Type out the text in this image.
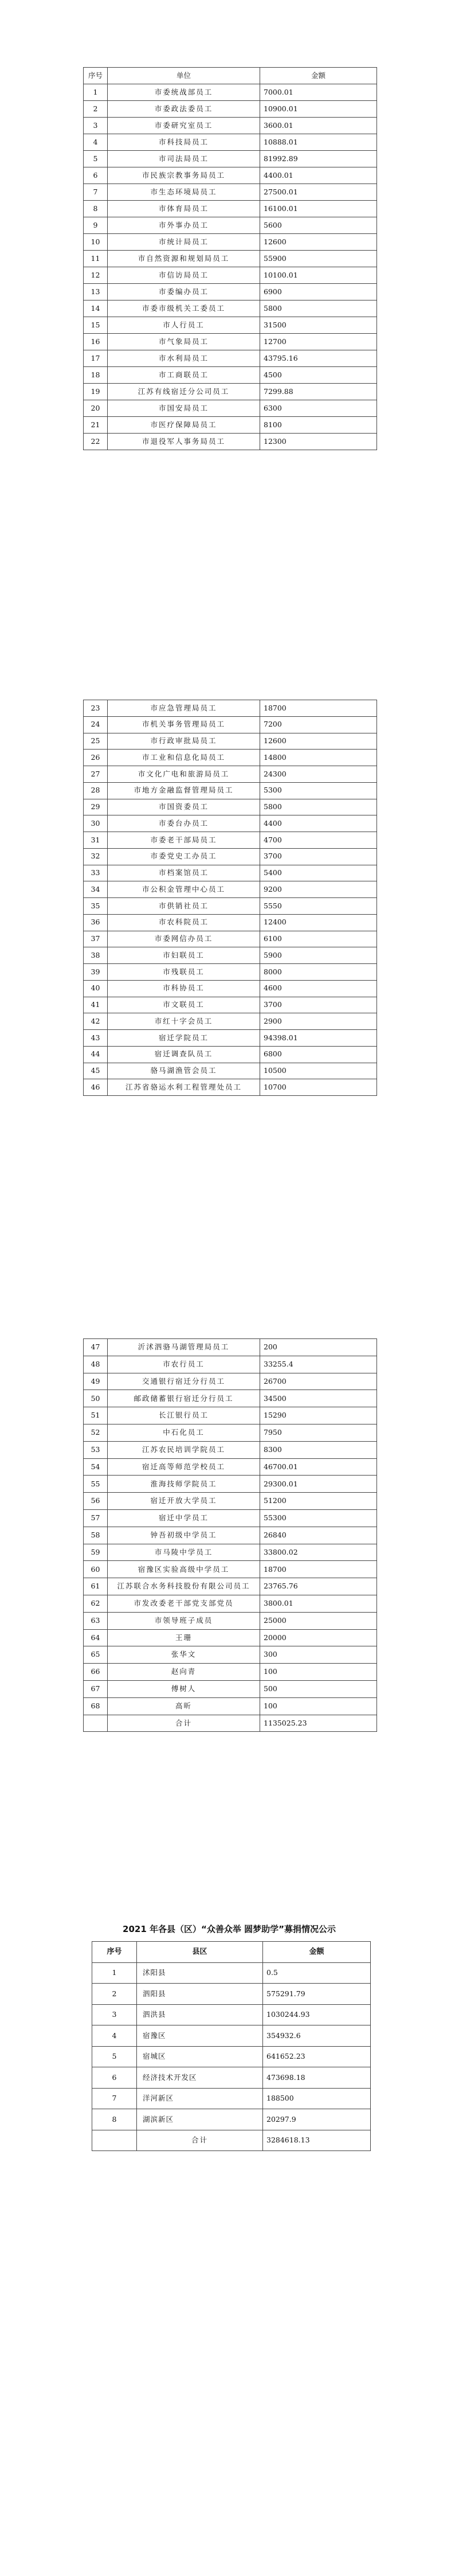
序号	单位	金额
1	市委统战部员工	7000.01
2	市委政法委员工	10900.01
3	市委研究室员工	3600.01
4	市科技局员工	10888.01
5	市司法局员工	81992.89
6	市民族宗教事务局员工	4400.01
7	市生态环境局员工	27500.01
8	市体育局员工	16100.01
9	市外事办员工	5600
10	市统计局员工	12600
11	市自然资源和规划局员工	55900
12	市信访局员工	10100.01
13	市委编办员工	6900
14	市委市级机关工委员工	5800
15	市人行员工	31500
16	市气象局员工	12700
17	市水利局员工	43795.16
18	市工商联员工	4500
19	江苏有线宿迁分公司员工	7299.88
20	市国安局员工	6300
21	市医疗保障局员工	8100
22	市退役军人事务局员工	12300
23	市应急管理局员工	18700
24	市机关事务管理局员工	7200
25	市行政审批局员工	12600
26	市工业和信息化局员工	14800
27	市文化广电和旅游局员工	24300
28	市地方金融监督管理局员工	5300
29	市国资委员工	5800
30	市委台办员工	4400
31	市委老干部局员工	4700
32	市委党史工办员工	3700
33	市档案馆员工	5400
34	市公积金管理中心员工	9200
35	市供销社员工	5550
36	市农科院员工	12400
37	市委网信办员工	6100
38	市妇联员工	5900
39	市残联员工	8000
40	市科协员工	4600
41	市文联员工	3700
42	市红十字会员工	2900
43	宿迁学院员工	94398.01
44	宿迁调查队员工	6800
45	骆马湖渔管会员工	10500
46	江苏省骆运水利工程管理处员工	10700
47	沂沭泗骆马湖管理局员工	200
48	市农行员工	33255.4
49	交通银行宿迁分行员工	26700
50	邮政储蓄银行宿迁分行员工	34500
51	长江银行员工	15290
52	中石化员工	7950
53	江苏农民培训学院员工	8300
54	宿迁高等师范学校员工	46700.01
55	淮海技师学院员工	29300.01
56	宿迁开放大学员工	51200
57	宿迁中学员工	55300
58	钟吾初级中学员工	26840
59	市马陵中学员工	33800.02
60	宿豫区实验高级中学员工	18700
61	江苏联合水务科技股份有限公司员工	23765.76
62	市发改委老干部党支部党员	3800.01
63	市领导班子成员	25000
64	王珊	20000
65	张华文	300
66	赵向青	100
67	傅树人	500
68	高昕	100
	合计	1135025.23
2021 年各县（区）“众善众举 圆梦助学”募捐情况公示
序号	县区	金额
1	沭阳县	0.5
2	泗阳县	575291.79
3	泗洪县	1030244.93
4	宿豫区	354932.6
5	宿城区	641652.23
6	经济技术开发区	473698.18
7	洋河新区	188500
8	湖滨新区	20297.9
	合计	3284618.13
